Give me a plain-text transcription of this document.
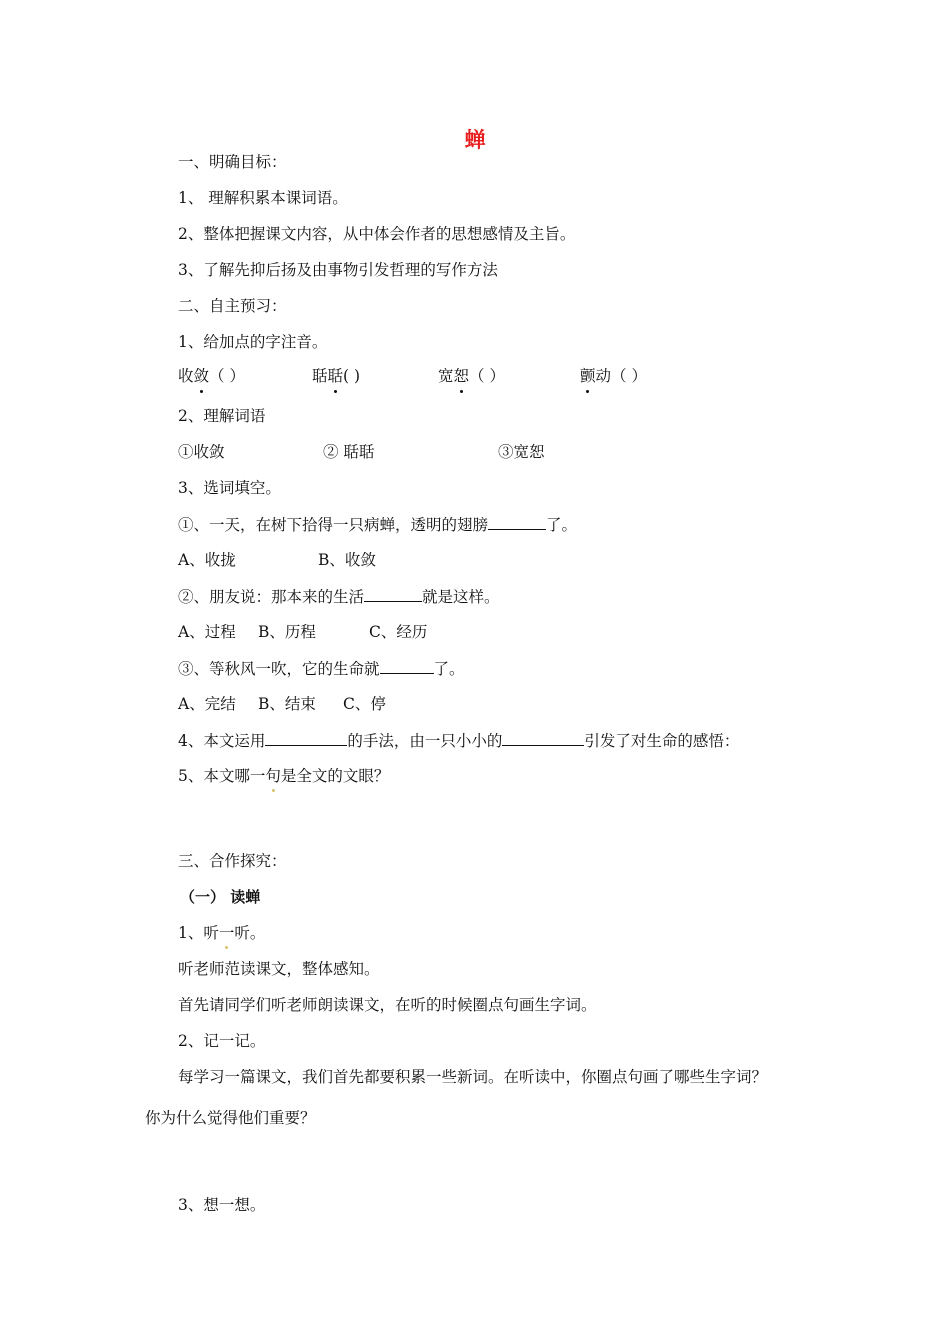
蝉
一、明确目标：
1、 理解积累本课词语。
2、整体把握课文内容，从中体会作者的思想感情及主旨。
3、了解先抑后扬及由事物引发哲理的写作方法
二、自主预习：
1、给加点的字注音。
收敛（ ）	聒聒( )	宽恕（ ）	颤动（ ）
2、理解词语
①收敛	② 聒聒	③宽恕
3、选词填空。
①、一天，在树下拾得一只病蝉，透明的翅膀	了。
A、收拢	B、收敛
②、朋友说：那本来的生活	就是这样。
A、过程 B、历程	C、经历
③、等秋风一吹，它的生命就	了。
A、完结 B、结束 C、停
4、本文运用	的手法，由一只小小的	引发了对生命的感悟：
5、本文哪一句是全文的文眼？
三、合作探究：
（一） 读蝉
1、听一听。
听老师范读课文，整体感知。
首先请同学们听老师朗读课文，在听的时候圈点句画生字词。
2、记一记。
每学习一篇课文，我们首先都要积累一些新词。在听读中，你圈点句画了哪些生字词？
你为什么觉得他们重要？
3、想一想。
